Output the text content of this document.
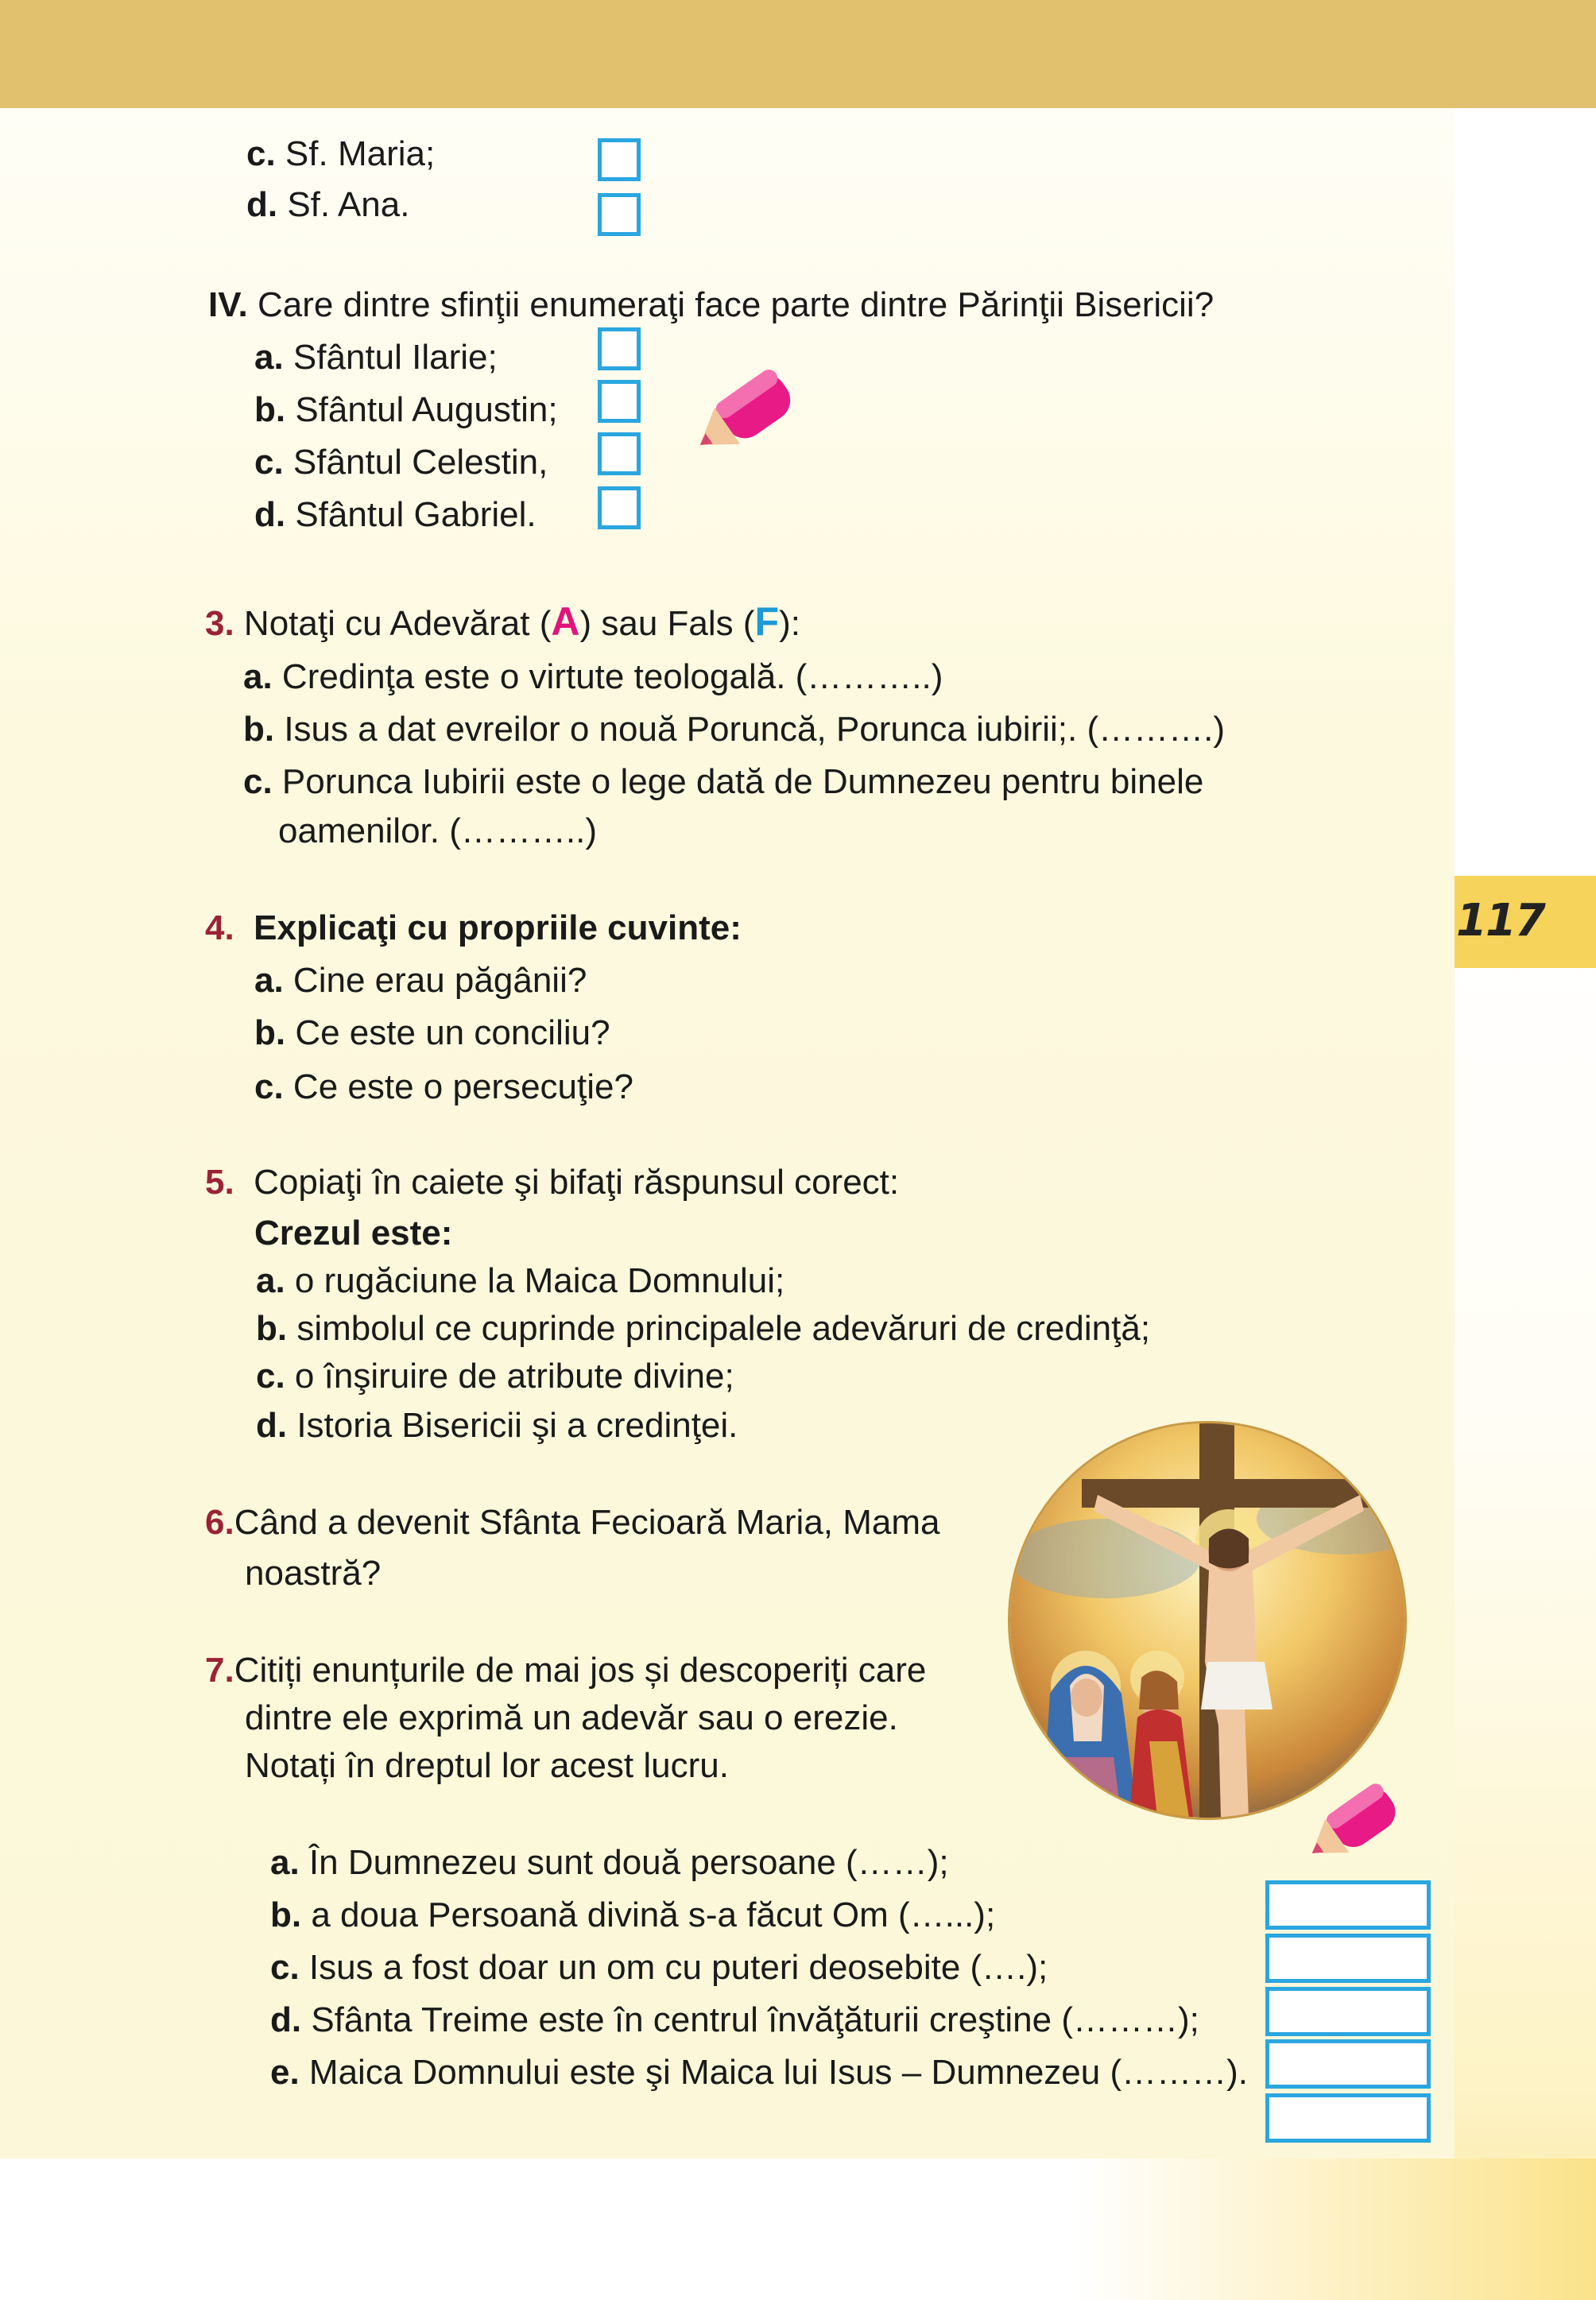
117
c. Sf. Maria;
d. Sf. Ana.
IV. Care dintre sfinţii enumeraţi face parte dintre Părinţii Bisericii?
a. Sfântul Ilarie;
b. Sfântul Augustin;
c. Sfântul Celestin,
d. Sfântul Gabriel.
3. Notaţi cu Adevărat (A) sau Fals (F):
a. Credinţa este o virtute teologală. (………..)
b. Isus a dat evreilor o nouă Poruncă, Porunca iubirii;. (……….)
c. Porunca Iubirii este o lege dată de Dumnezeu pentru binele
oamenilor. (………..)
4. Explicaţi cu propriile cuvinte:
a. Cine erau păgânii?
b. Ce este un conciliu?
c. Ce este o persecuţie?
5. Copiaţi în caiete şi bifaţi răspunsul corect:
Crezul este:
a. o rugăciune la Maica Domnului;
b. simbolul ce cuprinde principalele adevăruri de credinţă;
c. o înşiruire de atribute divine;
d. Istoria Bisericii şi a credinţei.
6.Când a devenit Sfânta Fecioară Maria, Mama
noastră?
7.Citiți enunțurile de mai jos și descoperiți care
dintre ele exprimă un adevăr sau o erezie.
Notați în dreptul lor acest lucru.
a. În Dumnezeu sunt două persoane (……);
b. a doua Persoană divină s-a făcut Om (…...);
c. Isus a fost doar un om cu puteri deosebite (….);
d. Sfânta Treime este în centrul învăţăturii creştine (………);
e. Maica Domnului este şi Maica lui Isus – Dumnezeu (………).
